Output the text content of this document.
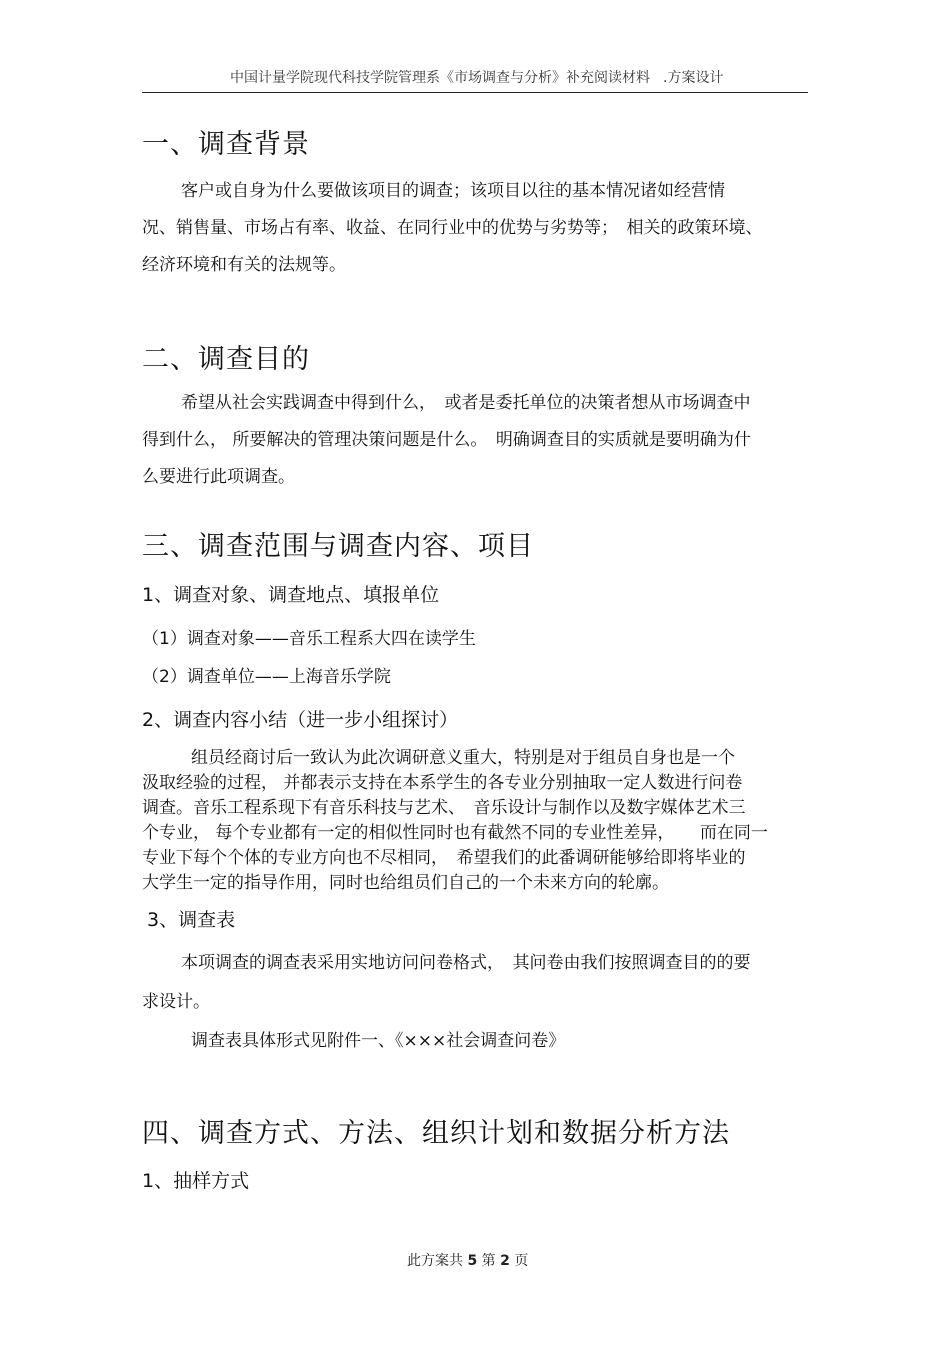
中国计量学院现代科技学院管理系《市场调查与分析》补充阅读材料 .方案设计
一、调查背景
客户或自身为什么要做该项目的调查；该项目以往的基本情况诸如经营情
况、销售量、市场占有率、收益、在同行业中的优势与劣势等；　相关的政策环境、
经济环境和有关的法规等。
二、调查目的
希望从社会实践调查中得到什么，　或者是委托单位的决策者想从市场调查中
得到什么， 所要解决的管理决策问题是什么。　明确调查目的实质就是要明确为什
么要进行此项调查。
三、调查范围与调查内容、项目
1、调查对象、调查地点、填报单位
（1）调查对象——音乐工程系大四在读学生
（2）调查单位——上海音乐学院
2、调查内容小结（进一步小组探讨）
组员经商讨后一致认为此次调研意义重大，特别是对于组员自身也是一个
汲取经验的过程， 并都表示支持在本系学生的各专业分别抽取一定人数进行问卷
调查。音乐工程系现下有音乐科技与艺术、　音乐设计与制作以及数字媒体艺术三
个专业， 每个专业都有一定的相似性同时也有截然不同的专业性差异，　　而在同一
专业下每个个体的专业方向也不尽相同，　希望我们的此番调研能够给即将毕业的
大学生一定的指导作用，同时也给组员们自己的一个未来方向的轮廓。
3、调查表
本项调查的调查表采用实地访问问卷格式，　其问卷由我们按照调查目的的要
求设计。
调查表具体形式见附件一、《×××社会调查问卷》
四、调查方式、方法、组织计划和数据分析方法
1、抽样方式
此方案共 5 第 2 页
